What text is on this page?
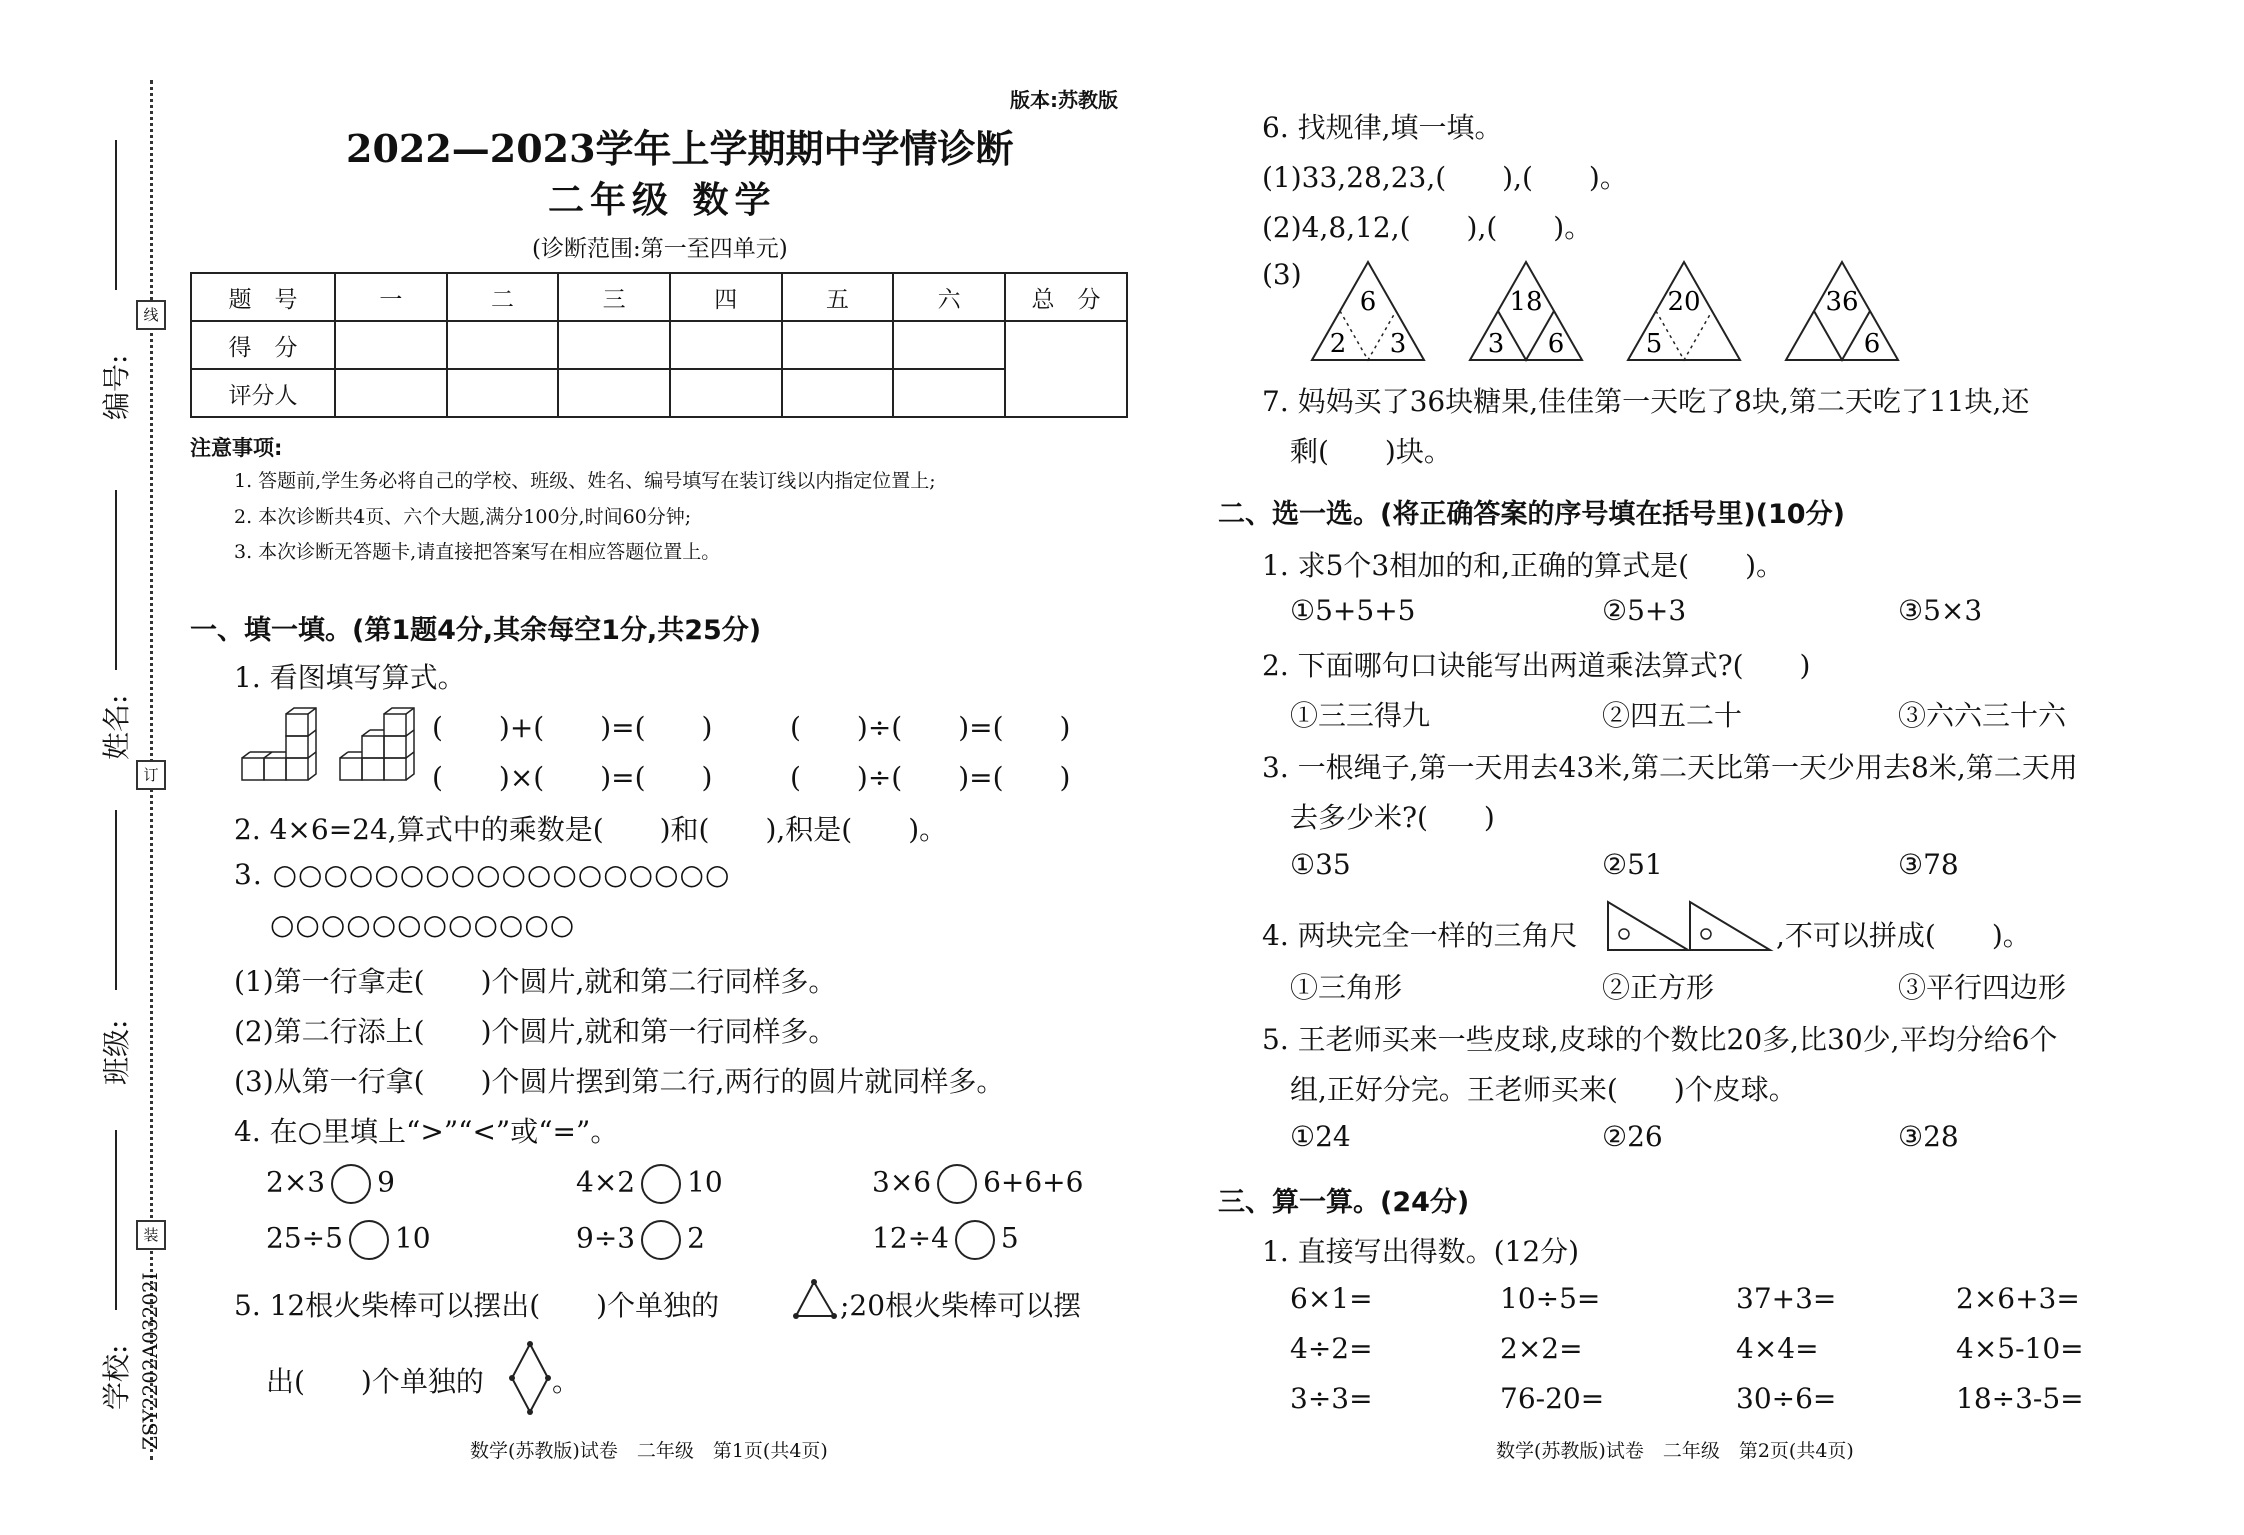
编号:
姓名:
班级:
学校: ZSY2202A03202I
线
订
装
版本:苏教版
2022—2023学年上学期期中学情诊断
二年级 数学
(诊断范围:第一至四单元)
题　号	一	二	三	四	五	六	总　分
得　分							
评分人							
注意事项:
1. 答题前,学生务必将自己的学校、班级、姓名、编号填写在装订线以内指定位置上;
2. 本次诊断共4页、六个大题,满分100分,时间60分钟;
3. 本次诊断无答题卡,请直接把答案写在相应答题位置上。
一、填一填。(第1题4分,其余每空1分,共25分)
1. 看图填写算式。
(　　)+(　　)=(　　)	(　　)÷(　　)=(　　)
(　　)×(　　)=(　　)	(　　)÷(　　)=(　　)
2. 4×6=24,算式中的乘数是(　　)和(　　),积是(　　)。
3. ○○○○○○○○○○○○○○○○○○
○○○○○○○○○○○○
(1)第一行拿走(　　)个圆片,就和第二行同样多。
(2)第二行添上(　　)个圆片,就和第一行同样多。
(3)从第一行拿(　　)个圆片摆到第二行,两行的圆片就同样多。
4. 在○里填上“>”“<”或“=”。
2×3 9	4×2 10	3×6 6+6+6
25÷5 10	9÷3 2	12÷4 5
5. 12根火柴棒可以摆出(　　)个单独的	;20根火柴棒可以摆
出(　　)个单独的 。
数学(苏教版)试卷　二年级　第1页(共4页)
6. 找规律,填一填。
(1)33,28,23,(　　),(　　)。
(2)4,8,12,(　　),(　　)。
(3)
6
2 3
18
3 6
20
5
36
6
7. 妈妈买了36块糖果,佳佳第一天吃了8块,第二天吃了11块,还
剩(　　)块。
二、选一选。(将正确答案的序号填在括号里)(10分)
1. 求5个3相加的和,正确的算式是(　　)。
①5+5+5	②5+3	③5×3
2. 下面哪句口诀能写出两道乘法算式?(　　)
①三三得九	②四五二十	③六六三十六
3. 一根绳子,第一天用去43米,第二天比第一天少用去8米,第二天用
去多少米?(　　)
①35	②51	③78
4. 两块完全一样的三角尺	,不可以拼成(　　)。
①三角形	②正方形	③平行四边形
5. 王老师买来一些皮球,皮球的个数比20多,比30少,平均分给6个
组,正好分完。王老师买来(　　)个皮球。
①24	②26	③28
三、算一算。(24分)
1. 直接写出得数。(12分)
6×1=	10÷5=	37+3=	2×6+3=
4÷2=	2×2=	4×4=	4×5-10=
3÷3=	76-20=	30÷6=	18÷3-5=
数学(苏教版)试卷　二年级　第2页(共4页)
